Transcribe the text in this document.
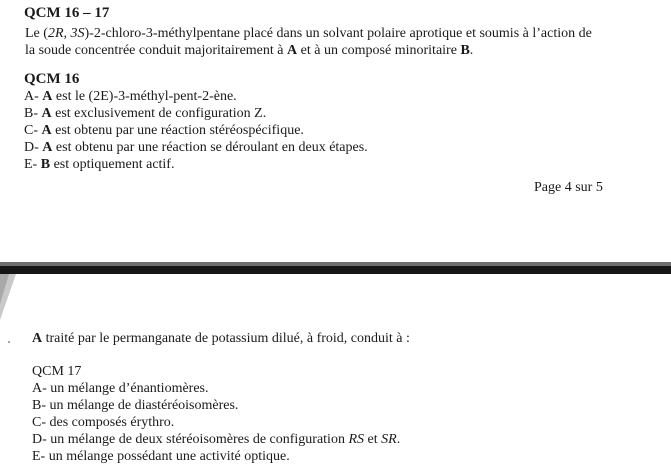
QCM 16 – 17
Le (2R, 3S)-2-chloro-3-méthylpentane placé dans un solvant polaire aprotique et soumis à l’action de
la soude concentrée conduit majoritairement à A et à un composé minoritaire B.
QCM 16
A- A est le (2E)-3-méthyl-pent-2-ène.
B- A est exclusivement de configuration Z.
C- A est obtenu par une réaction stéréospécifique.
D- A est obtenu par une réaction se déroulant en deux étapes.
E- B est optiquement actif.
Page 4 sur 5
A traité par le permanganate de potassium dilué, à froid, conduit à :
QCM 17
A- un mélange d’énantiomères.
B- un mélange de diastéréoisomères.
C- des composés érythro.
D- un mélange de deux stéréoisomères de configuration RS et SR.
E- un mélange possédant une activité optique.
